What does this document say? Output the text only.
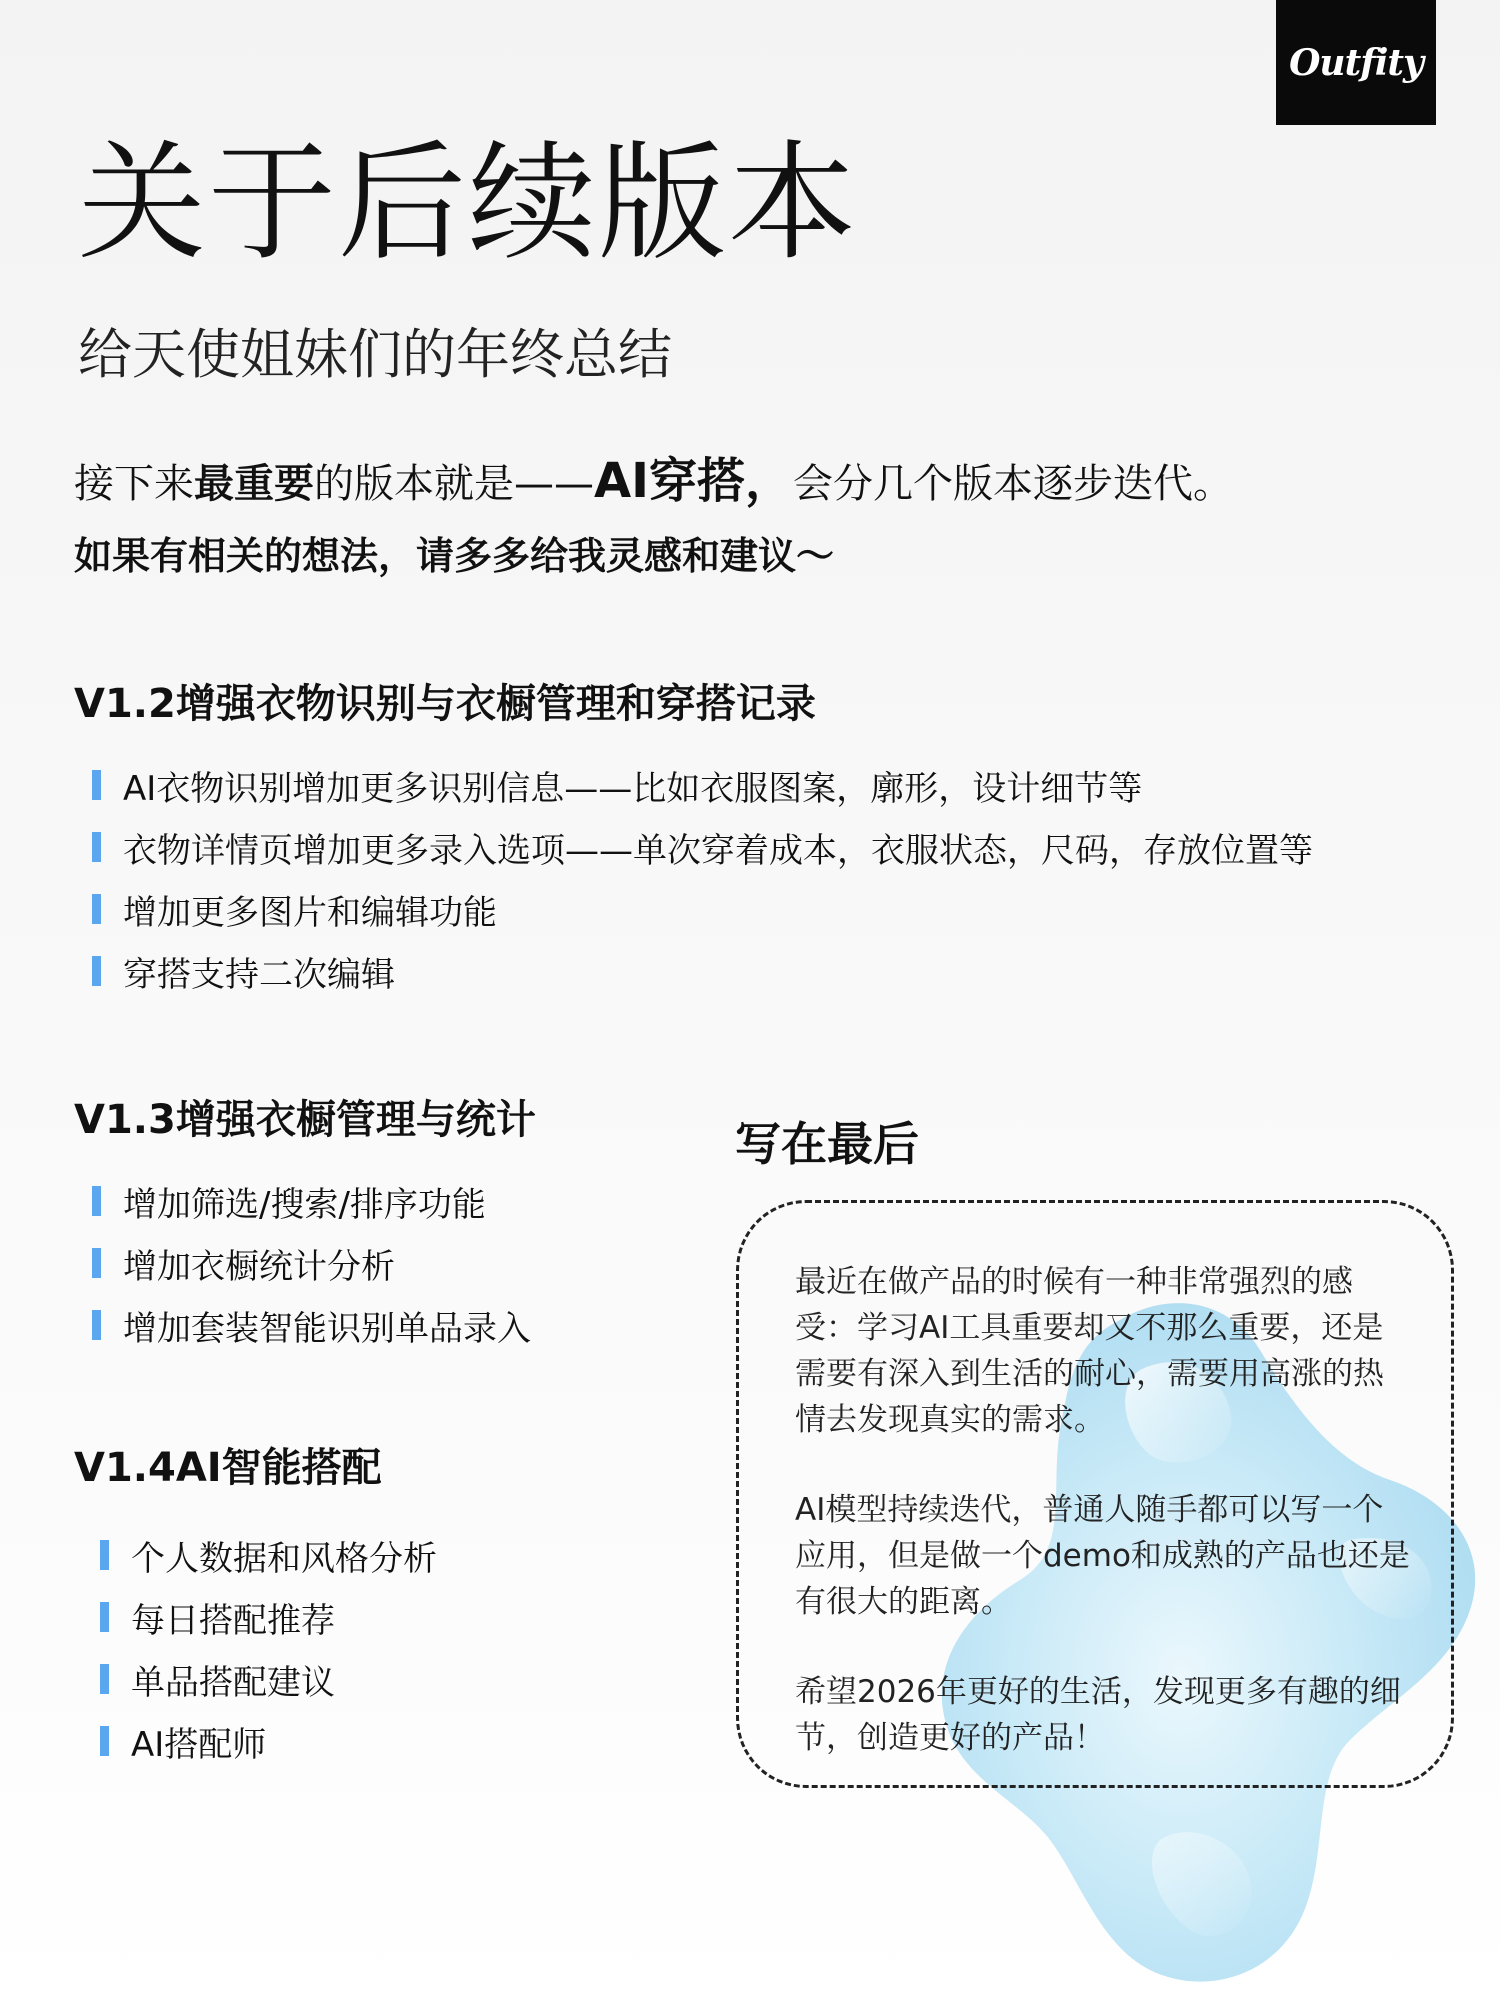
Outfity
关于后续版本
给天使姐妹们的年终总结
接下来最重要的版本就是——AI穿搭，会分几个版本逐步迭代。
如果有相关的想法，请多多给我灵感和建议～
V1.2增强衣物识别与衣橱管理和穿搭记录
AI衣物识别增加更多识别信息——比如衣服图案，廓形，设计细节等
衣物详情页增加更多录入选项——单次穿着成本，衣服状态，尺码，存放位置等
增加更多图片和编辑功能
穿搭支持二次编辑
V1.3增强衣橱管理与统计
增加筛选/搜索/排序功能
增加衣橱统计分析
增加套装智能识别单品录入
V1.4AI智能搭配
个人数据和风格分析
每日搭配推荐
单品搭配建议
AI搭配师
写在最后

最近在做产品的时候有一种非常强烈的感受：学习AI工具重要却又不那么重要，还是需要有深入到生活的耐心，需要用高涨的热情去发现真实的需求。

AI模型持续迭代，普通人随手都可以写一个应用，但是做一个demo和成熟的产品也还是有很大的距离。

希望2026年更好的生活，发现更多有趣的细节，创造更好的产品！
